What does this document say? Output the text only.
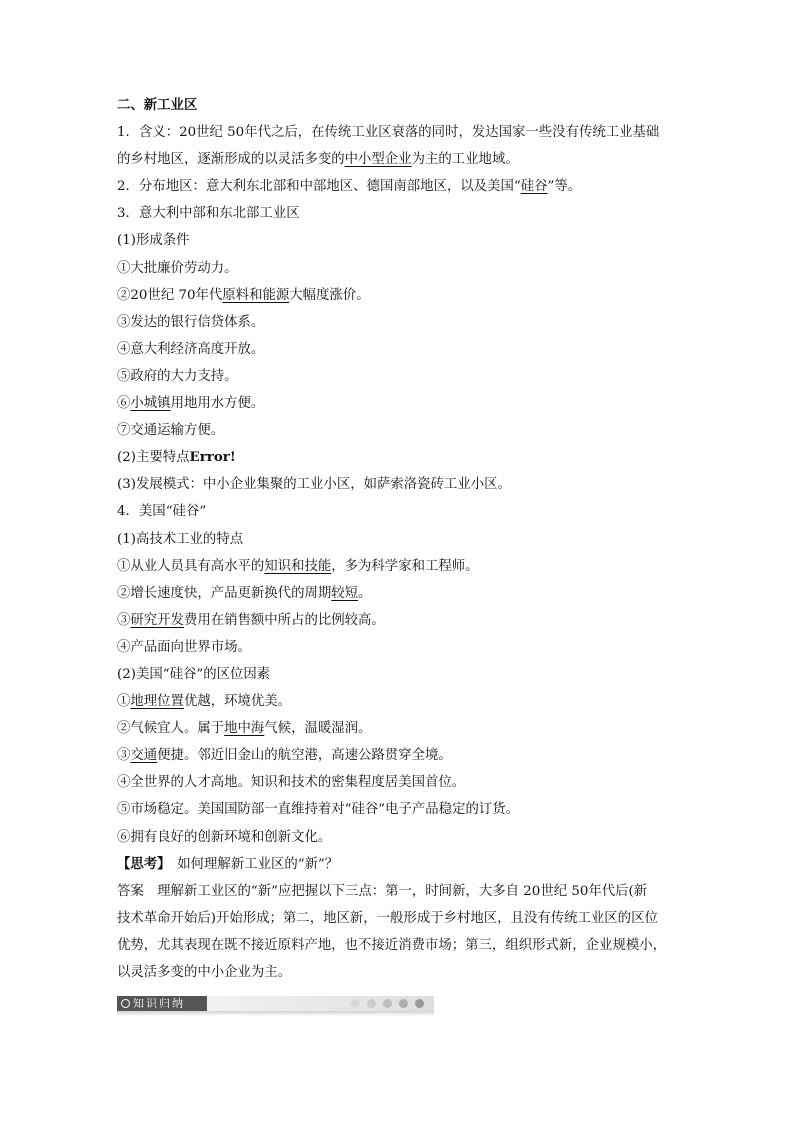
二、新工业区
1．含义：20世纪 50年代之后，在传统工业区衰落的同时，发达国家一些没有传统工业基础
的乡村地区，逐渐形成的以灵活多变的中小型企业为主的工业地域。
2．分布地区：意大利东北部和中部地区、德国南部地区，以及美国“硅谷”等。
3．意大利中部和东北部工业区
(1)形成条件
①大批廉价劳动力。
②20世纪 70年代原料和能源大幅度涨价。
③发达的银行信贷体系。
④意大利经济高度开放。
⑤政府的大力支持。
⑥小城镇用地用水方便。
⑦交通运输方便。
(2)主要特点Error!
(3)发展模式：中小企业集聚的工业小区，如萨索洛瓷砖工业小区。
4．美国“硅谷”
(1)高技术工业的特点
①从业人员具有高水平的知识和技能，多为科学家和工程师。
②增长速度快，产品更新换代的周期较短。
③研究开发费用在销售额中所占的比例较高。
④产品面向世界市场。
(2)美国“硅谷”的区位因素
①地理位置优越，环境优美。
②气候宜人。属于地中海气候，温暖湿润。
③交通便捷。邻近旧金山的航空港，高速公路贯穿全境。
④全世界的人才高地。知识和技术的密集程度居美国首位。
⑤市场稳定。美国国防部一直维持着对“硅谷”电子产品稳定的订货。
⑥拥有良好的创新环境和创新文化。
【思考】　如何理解新工业区的“新”？
答案　理解新工业区的“新”应把握以下三点：第一，时间新，大多自 20世纪 50年代后(新
技术革命开始后)开始形成；第二，地区新，一般形成于乡村地区，且没有传统工业区的区位
优势，尤其表现在既不接近原料产地，也不接近消费市场；第三，组织形式新，企业规模小，
以灵活多变的中小企业为主。
知识归纳
